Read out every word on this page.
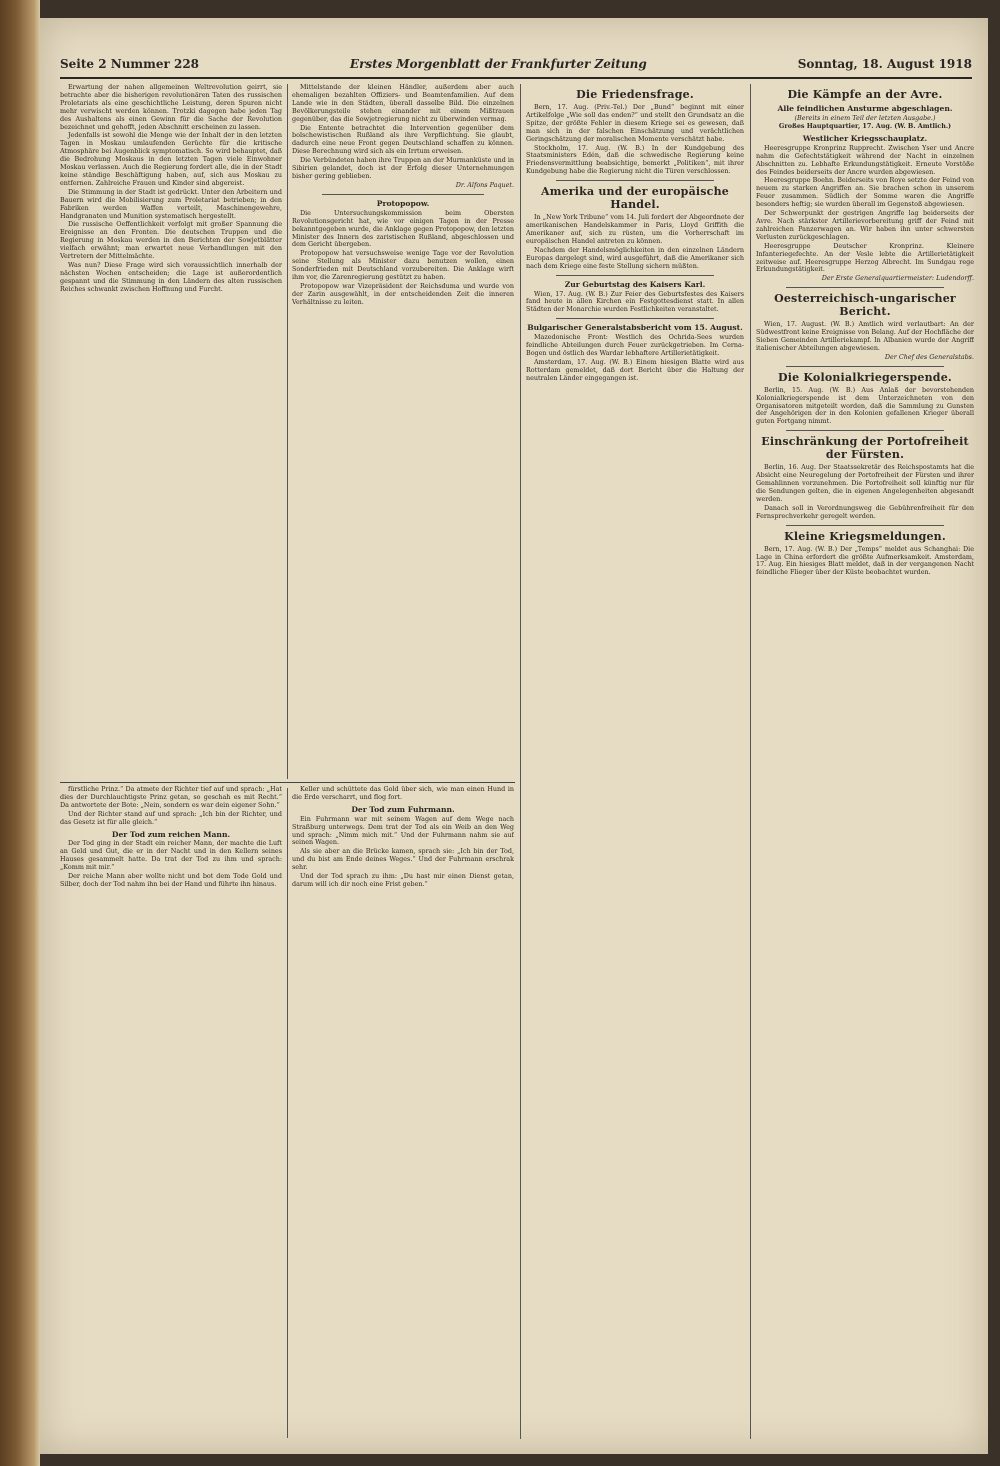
Seite 2 Nummer 228	Erstes Morgenblatt der Frankfurter Zeitung	Sonntag, 18. August 1918

Erwartung der nahen allgemeinen Weltrevolution geirrt, sie betrachte aber die bisherigen revolutionären Taten des russischen Proletariats als eine geschichtliche Leistung, deren Spuren nicht mehr verwischt werden können. Trotzki dagegen habe jeden Tag des Aushaltens als einen Gewinn für die Sache der Revolution bezeichnet und gehofft, jeden Abschnitt erscheinen zu lassen.

Jedenfalls ist sowohl die Menge wie der Inhalt der in den letzten Tagen in Moskau umlaufenden Gerüchte für die kritische Atmosphäre bei Augenblick symptomatisch. So wird behauptet, daß die Bedrohung Moskaus in den letzten Tagen viele Einwohner Moskau verlassen. Auch die Regierung fordert alle, die in der Stadt keine ständige Beschäftigung haben, auf, sich aus Moskau zu entfernen. Zahlreiche Frauen und Kinder sind abgereist.

Die Stimmung in der Stadt ist gedrückt. Unter den Arbeitern und Bauern wird die Mobilisierung zum Proletariat betrieben; in den Fabriken werden Waffen verteilt, Maschinengewehre, Handgranaten und Munition systematisch hergestellt.

Die russische Oeffentlichkeit verfolgt mit großer Spannung die Ereignisse an den Fronten. Die deutschen Truppen und die Regierung in Moskau werden in den Berichten der Sowjetblätter vielfach erwähnt; man erwartet neue Verhandlungen mit den Vertretern der Mittelmächte.

Was nun? Diese Frage wird sich voraussichtlich innerhalb der nächsten Wochen entscheiden; die Lage ist außerordentlich gespannt und die Stimmung in den Ländern des alten russischen Reiches schwankt zwischen Hoffnung und Furcht.

Mittelstande der kleinen Händler, außerdem aber auch ehemaligen bezahlten Offiziers- und Beamtenfamilien. Auf dem Lande wie in den Städten, überall dasselbe Bild. Die einzelnen Bevölkerungsteile stehen einander mit einem Mißtrauen gegenüber, das die Sowjetregierung nicht zu überwinden vermag.

Die Entente betrachtet die Intervention gegenüber dem bolschewistischen Rußland als ihre Verpflichtung. Sie glaubt, dadurch eine neue Front gegen Deutschland schaffen zu können. Diese Berechnung wird sich als ein Irrtum erweisen.

Die Verbündeten haben ihre Truppen an der Murmanküste und in Sibirien gelandet, doch ist der Erfolg dieser Unternehmungen bisher gering geblieben.

Dr. Alfons Paquet.
Protopopow.

Die Untersuchungskommission beim Obersten Revolutionsgericht hat, wie vor einigen Tagen in der Presse bekanntgegeben wurde, die Anklage gegen Protopopow, den letzten Minister des Innern des zaristischen Rußland, abgeschlossen und dem Gericht übergeben.

Protopopow hat versuchsweise wenige Tage vor der Revolution seine Stellung als Minister dazu benutzen wollen, einen Sonderfrieden mit Deutschland vorzubereiten. Die Anklage wirft ihm vor, die Zarenregierung gestützt zu haben.

Protopopow war Vizepräsident der Reichsduma und wurde von der Zarin ausgewählt, in der entscheidenden Zeit die inneren Verhältnisse zu leiten.

Die Friedensfrage.

Bern, 17. Aug. (Priv.-Tel.) Der „Bund“ beginnt mit einer Artikelfolge „Wie soll das enden?“ und stellt den Grundsatz an die Spitze, der größte Fehler in diesem Kriege sei es gewesen, daß man sich in der falschen Einschätzung und verächtlichen Geringschätzung der moralischen Momente verschätzt habe.

Stockholm, 17. Aug. (W. B.) In der Kundgebung des Staatsministers Edén, daß die schwedische Regierung keine Friedensvermittlung beabsichtige, bemerkt „Politiken“, mit ihrer Kundgebung habe die Regierung nicht die Türen verschlossen.

Amerika und der europäische Handel.

In „New York Tribune“ vom 14. Juli fordert der Abgeordnete der amerikanischen Handelskammer in Paris, Lloyd Griffith die Amerikaner auf, sich zu rüsten, um die Vorherrschaft im europäischen Handel antreten zu können.

Nachdem der Handelsmöglichkeiten in den einzelnen Ländern Europas dargelegt sind, wird ausgeführt, daß die Amerikaner sich nach dem Kriege eine feste Stellung sichern müßten.

Zur Geburtstag des Kaisers Karl.

Wien, 17. Aug. (W. B.) Zur Feier des Geburtsfestes des Kaisers fand heute in allen Kirchen ein Festgottesdienst statt. In allen Städten der Monarchie wurden Festlichkeiten veranstaltet.

Bulgarischer Generalstabsbericht vom 15. August.

Mazedonische Front: Westlich des Ochrida-Sees wurden feindliche Abteilungen durch Feuer zurückgetrieben. Im Cerna-Bogen und östlich des Wardar lebhaftere Artillerietätigkeit.

Amsterdam, 17. Aug. (W. B.) Einem hiesigen Blatte wird aus Rotterdam gemeldet, daß dort Bericht über die Haltung der neutralen Länder eingegangen ist.

Die Kämpfe an der Avre.
Alle feindlichen Ansturme abgeschlagen.
(Bereits in einem Teil der letzten Ausgabe.)
Großes Hauptquartier, 17. Aug. (W. B. Amtlich.)
Westlicher Kriegsschauplatz.

Heeresgruppe Kronprinz Rupprecht. Zwischen Yser und Ancre nahm die Gefechtstätigkeit während der Nacht in einzelnen Abschnitten zu. Lebhafte Erkundungstätigkeit. Erneute Vorstöße des Feindes beiderseits der Ancre wurden abgewiesen.

Heeresgruppe Boehn. Beiderseits von Roye setzte der Feind von neuem zu starken Angriffen an. Sie brachen schon in unserem Feuer zusammen. Südlich der Somme waren die Angriffe besonders heftig; sie wurden überall im Gegenstoß abgewiesen.

Der Schwerpunkt der gestrigen Angriffe lag beiderseits der Avre. Nach stärkster Artillerievorbereitung griff der Feind mit zahlreichen Panzerwagen an. Wir haben ihn unter schwersten Verlusten zurückgeschlagen.

Heeresgruppe Deutscher Kronprinz. Kleinere Infanteriegefechte. An der Vesle lebte die Artillerietätigkeit zeitweise auf. Heeresgruppe Herzog Albrecht. Im Sundgau rege Erkundungstätigkeit.

Der Erste Generalquartiermeister: Ludendorff.
Oesterreichisch-ungarischer Bericht.

Wien, 17. August. (W. B.) Amtlich wird verlautbart: An der Südwestfront keine Ereignisse von Belang. Auf der Hochfläche der Sieben Gemeinden Artilleriekampf. In Albanien wurde der Angriff italienischer Abteilungen abgewiesen.

Der Chef des Generalstabs.
Die Kolonialkriegerspende.

Berlin, 15. Aug. (W. B.) Aus Anlaß der bevorstehenden Kolonialkriegerspende ist dem Unterzeichneten von den Organisatoren mitgeteilt worden, daß die Sammlung zu Gunsten der Angehörigen der in den Kolonien gefallenen Krieger überall guten Fortgang nimmt.

Einschränkung der Portofreiheit der Fürsten.

Berlin, 16. Aug. Der Staatssekretär des Reichspostamts hat die Absicht eine Neuregelung der Portofreiheit der Fürsten und ihrer Gemahlinnen vorzunehmen. Die Portofreiheit soll künftig nur für die Sendungen gelten, die in eigenen Angelegenheiten abgesandt werden.

Danach soll in Verordnungsweg die Gebührenfreiheit für den Fernsprechverkehr geregelt werden.

Kleine Kriegsmeldungen.

Bern, 17. Aug. (W. B.) Der „Temps“ meldet aus Schanghai: Die Lage in China erfordert die größte Aufmerksamkeit. Amsterdam, 17. Aug. Ein hiesiges Blatt meldet, daß in der vergangenen Nacht feindliche Flieger über der Küste beobachtet wurden.

fürstliche Prinz.“ Da atmete der Richter tief auf und sprach: „Hat dies der Durchlauchtigste Prinz getan, so geschah es mit Recht.“ Da antwortete der Bote: „Nein, sondern es war dein eigener Sohn.“

Und der Richter stand auf und sprach: „Ich bin der Richter, und das Gesetz ist für alle gleich.“

Der Tod zum reichen Mann.

Der Tod ging in der Stadt ein reicher Mann, der machte die Luft an Geld und Gut, die er in der Nacht und in den Kellern seines Hauses gesammelt hatte. Da trat der Tod zu ihm und sprach: „Komm mit mir.“

Der reiche Mann aber wollte nicht und bot dem Tode Gold und Silber, doch der Tod nahm ihn bei der Hand und führte ihn hinaus.

Keller und schüttete das Gold über sich, wie man einen Hund in die Erde verscharrt, und flog fort.

Der Tod zum Fuhrmann.

Ein Fuhrmann war mit seinem Wagen auf dem Wege nach Straßburg unterwegs. Dem trat der Tod als ein Weib an den Weg und sprach: „Nimm mich mit.“ Und der Fuhrmann nahm sie auf seinen Wagen.

Als sie aber an die Brücke kamen, sprach sie: „Ich bin der Tod, und du bist am Ende deines Weges.“ Und der Fuhrmann erschrak sehr.

Und der Tod sprach zu ihm: „Du hast mir einen Dienst getan, darum will ich dir noch eine Frist geben.“
